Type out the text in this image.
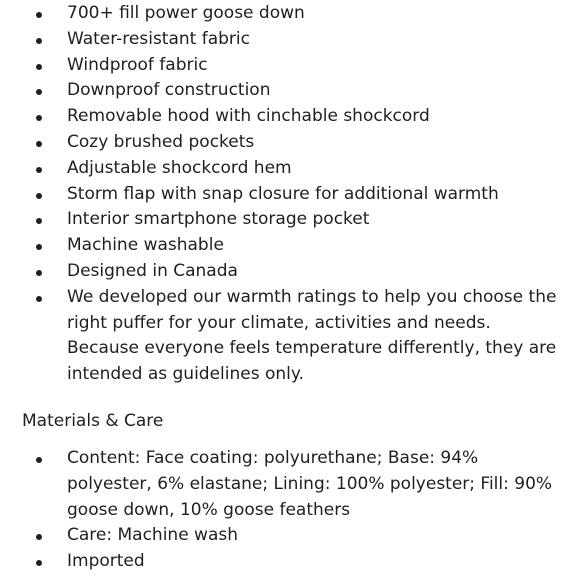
700+ fill power goose down
Water-resistant fabric
Windproof fabric
Downproof construction
Removable hood with cinchable shockcord
Cozy brushed pockets
Adjustable shockcord hem
Storm flap with snap closure for additional warmth
Interior smartphone storage pocket
Machine washable
Designed in Canada
We developed our warmth ratings to help you choose the right puffer for your climate, activities and needs. Because everyone feels temperature differently, they are intended as guidelines only.
Materials & Care
Content: Face coating: polyurethane; Base: 94% polyester, 6% elastane; Lining: 100% polyester; Fill: 90% goose down, 10% goose feathers
Care: Machine wash
Imported
